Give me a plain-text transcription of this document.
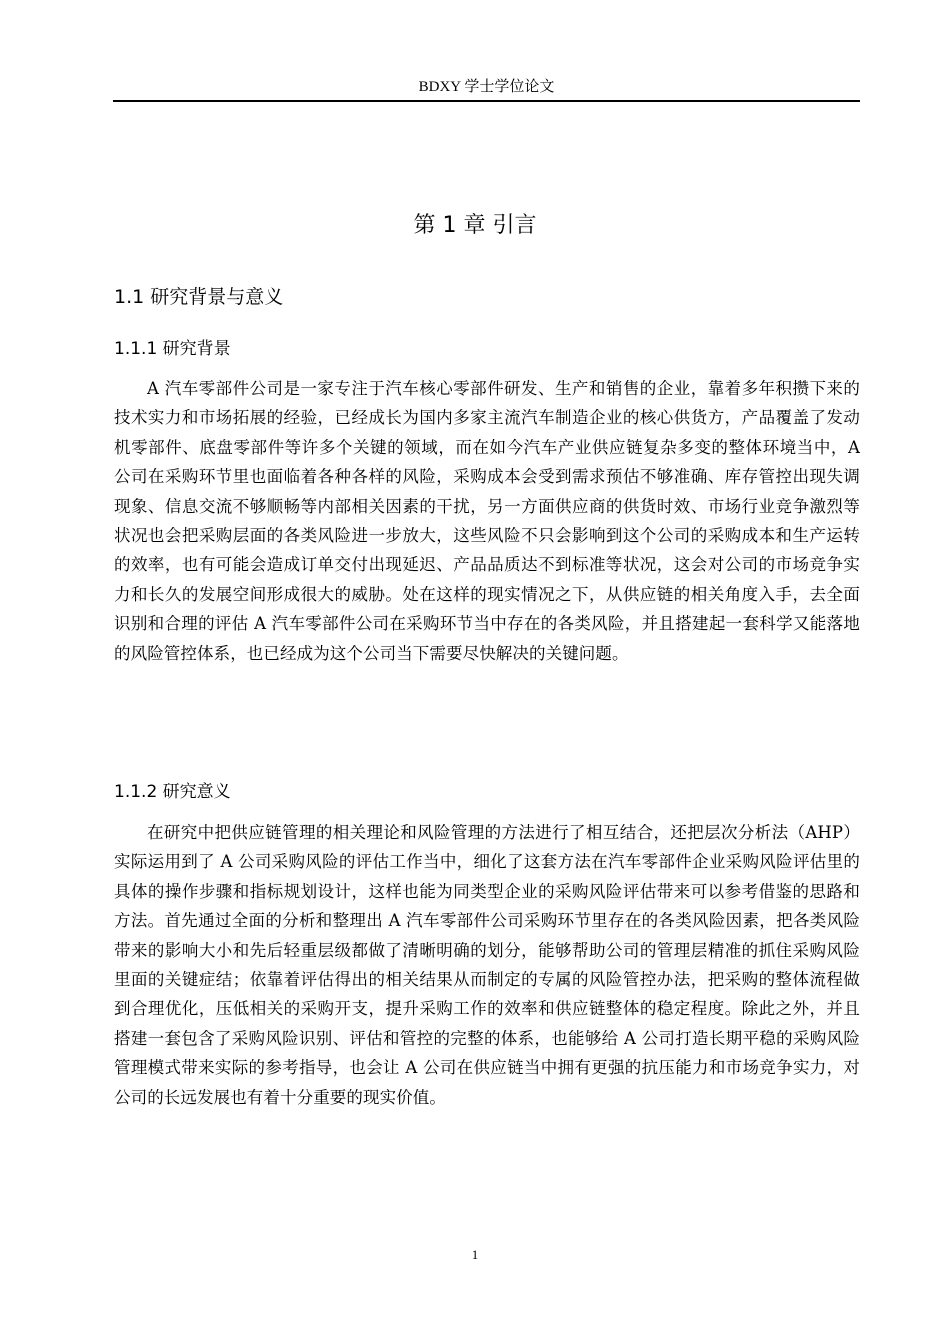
BDXY 学士学位论文
第 1 章 引言
1.1 研究背景与意义
1.1.1 研究背景

A 汽车零部件公司是一家专注于汽车核心零部件研发、生产和销售的企业，靠着多年积攒下来的技术实力和市场拓展的经验，已经成长为国内多家主流汽车制造企业的核心供货方，产品覆盖了发动机零部件、底盘零部件等许多个关键的领域，而在如今汽车产业供应链复杂多变的整体环境当中，A 公司在采购环节里也面临着各种各样的风险，采购成本会受到需求预估不够准确、库存管控出现失调现象、信息交流不够顺畅等内部相关因素的干扰，另一方面供应商的供货时效、市场行业竞争激烈等状况也会把采购层面的各类风险进一步放大，这些风险不只会影响到这个公司的采购成本和生产运转的效率，也有可能会造成订单交付出现延迟、产品品质达不到标准等状况，这会对公司的市场竞争实力和长久的发展空间形成很大的威胁。处在这样的现实情况之下，从供应链的相关角度入手，去全面识别和合理的评估 A 汽车零部件公司在采购环节当中存在的各类风险，并且搭建起一套科学又能落地的风险管控体系，也已经成为这个公司当下需要尽快解决的关键问题。

1.1.2 研究意义

在研究中把供应链管理的相关理论和风险管理的方法进行了相互结合，还把层次分析法（AHP）实际运用到了 A 公司采购风险的评估工作当中，细化了这套方法在汽车零部件企业采购风险评估里的具体的操作步骤和指标规划设计，这样也能为同类型企业的采购风险评估带来可以参考借鉴的思路和方法。首先通过全面的分析和整理出 A 汽车零部件公司采购环节里存在的各类风险因素，把各类风险带来的影响大小和先后轻重层级都做了清晰明确的划分，能够帮助公司的管理层精准的抓住采购风险里面的关键症结；依靠着评估得出的相关结果从而制定的专属的风险管控办法，把采购的整体流程做到合理优化，压低相关的采购开支，提升采购工作的效率和供应链整体的稳定程度。除此之外，并且搭建一套包含了采购风险识别、评估和管控的完整的体系，也能够给 A 公司打造长期平稳的采购风险管理模式带来实际的参考指导，也会让 A 公司在供应链当中拥有更强的抗压能力和市场竞争实力，对公司的长远发展也有着十分重要的现实价值。

1
